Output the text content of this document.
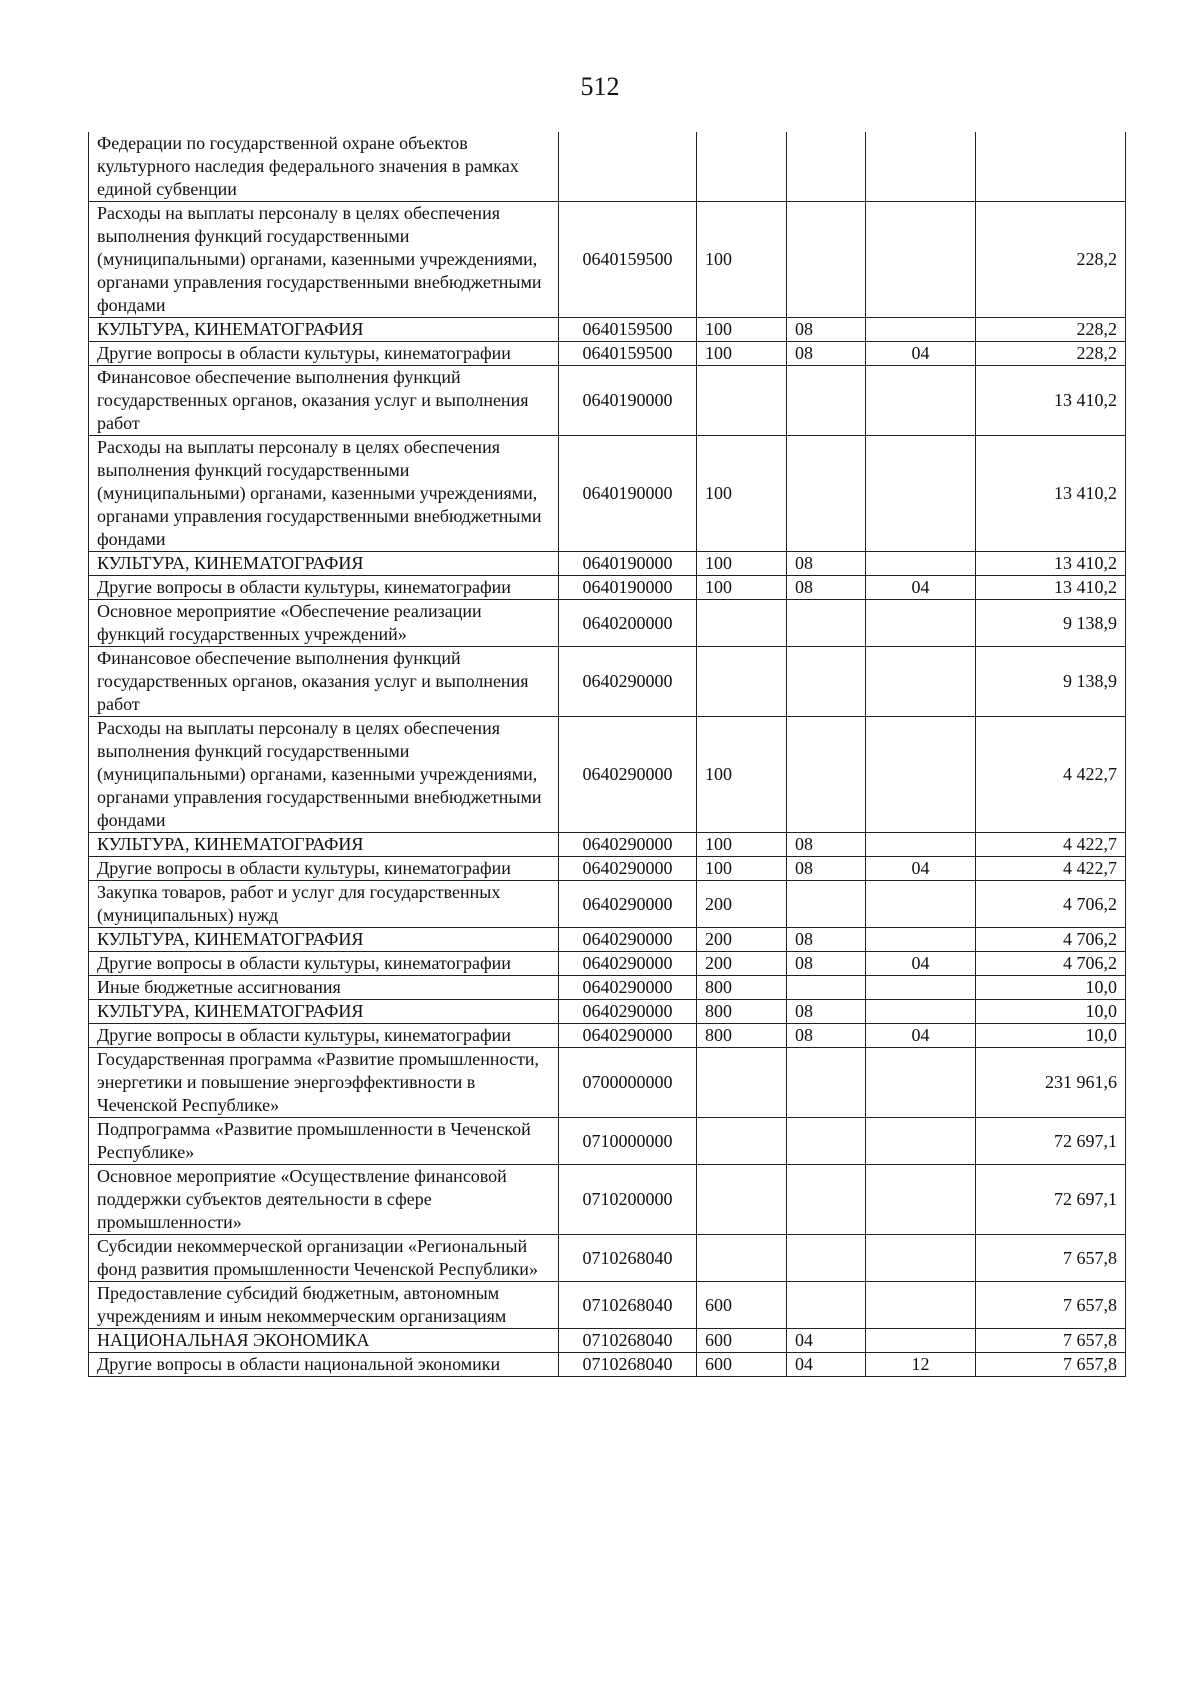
512
Федерации по государственной охране объектов культурного наследия федерального значения в рамках единой субвенции					
Расходы на выплаты персоналу в целях обеспечения выполнения функций государственными (муниципальными) органами, казенными учреждениями, органами управления государственными внебюджетными фондами	0640159500	100			228,2
КУЛЬТУРА, КИНЕМАТОГРАФИЯ	0640159500	100	08		228,2
Другие вопросы в области культуры, кинематографии	0640159500	100	08	04	228,2
Финансовое обеспечение выполнения функций государственных органов, оказания услуг и выполнения работ	0640190000				13 410,2
Расходы на выплаты персоналу в целях обеспечения выполнения функций государственными (муниципальными) органами, казенными учреждениями, органами управления государственными внебюджетными фондами	0640190000	100			13 410,2
КУЛЬТУРА, КИНЕМАТОГРАФИЯ	0640190000	100	08		13 410,2
Другие вопросы в области культуры, кинематографии	0640190000	100	08	04	13 410,2
Основное мероприятие «Обеспечение реализации функций государственных учреждений»	0640200000				9 138,9
Финансовое обеспечение выполнения функций государственных органов, оказания услуг и выполнения работ	0640290000				9 138,9
Расходы на выплаты персоналу в целях обеспечения выполнения функций государственными (муниципальными) органами, казенными учреждениями, органами управления государственными внебюджетными фондами	0640290000	100			4 422,7
КУЛЬТУРА, КИНЕМАТОГРАФИЯ	0640290000	100	08		4 422,7
Другие вопросы в области культуры, кинематографии	0640290000	100	08	04	4 422,7
Закупка товаров, работ и услуг для государственных (муниципальных) нужд	0640290000	200			4 706,2
КУЛЬТУРА, КИНЕМАТОГРАФИЯ	0640290000	200	08		4 706,2
Другие вопросы в области культуры, кинематографии	0640290000	200	08	04	4 706,2
Иные бюджетные ассигнования	0640290000	800			10,0
КУЛЬТУРА, КИНЕМАТОГРАФИЯ	0640290000	800	08		10,0
Другие вопросы в области культуры, кинематографии	0640290000	800	08	04	10,0
Государственная программа «Развитие промышленности, энергетики и повышение энергоэффективности в Чеченской Республике»	0700000000				231 961,6
Подпрограмма «Развитие промышленности в Чеченской Республике»	0710000000				72 697,1
Основное мероприятие «Осуществление финансовой поддержки субъектов деятельности в сфере промышленности»	0710200000				72 697,1
Субсидии некоммерческой организации «Региональный фонд развития промышленности Чеченской Республики»	0710268040				7 657,8
Предоставление субсидий бюджетным, автономным учреждениям и иным некоммерческим организациям	0710268040	600			7 657,8
НАЦИОНАЛЬНАЯ ЭКОНОМИКА	0710268040	600	04		7 657,8
Другие вопросы в области национальной экономики	0710268040	600	04	12	7 657,8
